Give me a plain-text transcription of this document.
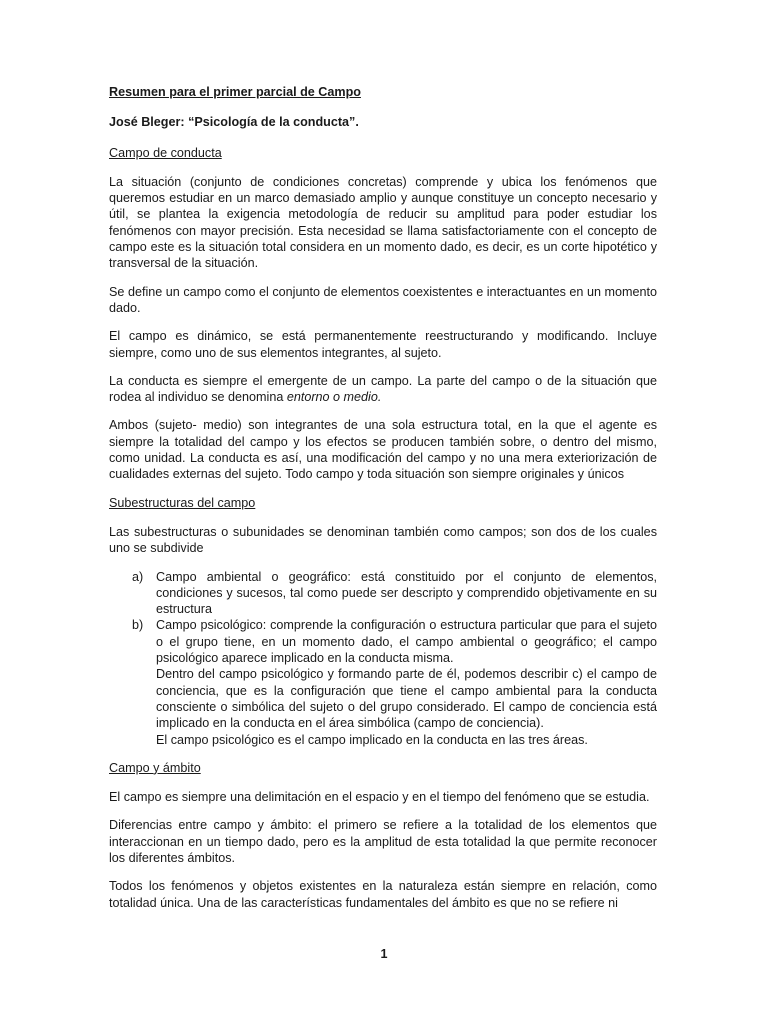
Resumen para el primer parcial de Campo
José Bleger: “Psicología de la conducta”.
Campo de conducta

La situación (conjunto de condiciones concretas) comprende y ubica los fenómenos que queremos estudiar en un marco demasiado amplio y aunque constituye un concepto necesario y útil, se plantea la exigencia metodología de reducir su amplitud para poder estudiar los fenómenos con mayor precisión. Esta necesidad se llama satisfactoriamente con el concepto de campo este es la situación total considera en un momento dado, es decir, es un corte hipotético y transversal de la situación.

Se define un campo como el conjunto de elementos coexistentes e interactuantes en un momento dado.

El campo es dinámico, se está permanentemente reestructurando y modificando. Incluye siempre, como uno de sus elementos integrantes, al sujeto.

La conducta es siempre el emergente de un campo. La parte del campo o de la situación que rodea al individuo se denomina entorno o medio.

Ambos (sujeto- medio) son integrantes de una sola estructura total, en la que el agente es siempre la totalidad del campo y los efectos se producen también sobre, o dentro del mismo, como unidad. La conducta es así, una modificación del campo y no una mera exteriorización de cualidades externas del sujeto. Todo campo y toda situación son siempre originales y únicos

Subestructuras del campo

Las subestructuras o subunidades se denominan también como campos; son dos de los cuales uno se subdivide

a) Campo ambiental o geográfico: está constituido por el conjunto de elementos, condiciones y sucesos, tal como puede ser descripto y comprendido objetivamente en su estructura
b) Campo psicológico: comprende la configuración o estructura particular que para el sujeto o el grupo tiene, en un momento dado, el campo ambiental o geográfico; el campo psicológico aparece implicado en la conducta misma.
Dentro del campo psicológico y formando parte de él, podemos describir c) el campo de conciencia, que es la configuración que tiene el campo ambiental para la conducta consciente o simbólica del sujeto o del grupo considerado. El campo de conciencia está implicado en la conducta en el área simbólica (campo de conciencia).
El campo psicológico es el campo implicado en la conducta en las tres áreas.
Campo y ámbito

El campo es siempre una delimitación en el espacio y en el tiempo del fenómeno que se estudia.

Diferencias entre campo y ámbito: el primero se refiere a la totalidad de los elementos que interaccionan en un tiempo dado, pero es la amplitud de esta totalidad la que permite reconocer los diferentes ámbitos.

Todos los fenómenos y objetos existentes en la naturaleza están siempre en relación, como totalidad única. Una de las características fundamentales del ámbito es que no se refiere ni

1
